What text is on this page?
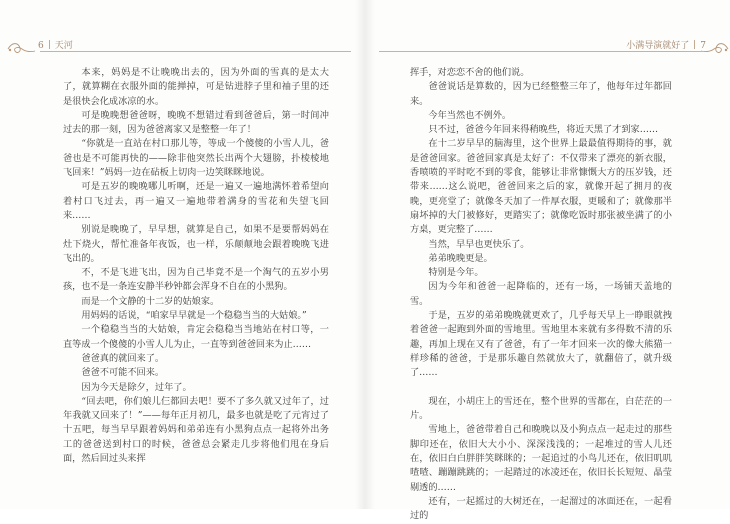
6 天河

本来，妈妈是不让晚晚出去的，因为外面的雪真的是太大了，就算糊在衣服外面的能掸掉，可是钻进脖子里和袖子里的还是很快会化成冰凉的水。

可是晚晚想爸爸呀，晚晚不想错过看到爸爸后，第一时间冲过去的那一刻，因为爸爸离家又是整整一年了！

“你就是一直站在村口那儿等，等成一个傻傻的小雪人儿，爸爸也是不可能再快的——除非他突然长出两个大翅膀，扑棱棱地飞回来！”妈妈一边在砧板上切肉一边笑眯眯地说。

可是五岁的晚晚哪儿听啊，还是一遍又一遍地满怀着希望向着村口飞过去，再一遍又一遍地带着满身的雪花和失望飞回来……

别说是晚晚了，早早想，就算是自己，如果不是要帮妈妈在灶下烧火，帮忙准备年夜饭，也一样，乐颠颠地会跟着晚晚飞进飞出的。

不，不是飞进飞出，因为自己毕竟不是一个淘气的五岁小男孩，也不是一条连安静半秒钟都会浑身不自在的小黑狗。

而是一个文静的十二岁的姑娘家。

用妈妈的话说，“咱家早早就是一个稳稳当当的大姑娘。”

一个稳稳当当的大姑娘，肯定会稳稳当当地站在村口等，一直等成一个傻傻的小雪人儿为止，一直等到爸爸回来为止……

爸爸真的就回来了。

爸爸不可能不回来。

因为今天是除夕，过年了。

“回去吧，你们娘儿仨都回去吧！要不了多久就又过年了，过年我就又回来了！”——每年正月初几，最多也就是吃了元宵过了十五吧，每当早早跟着妈妈和弟弟连有小黑狗点点一起将外出务工的爸爸送到村口的时候，爸爸总会紧走几步将他们甩在身后面，然后回过头来挥

小满导演就好了 7

挥手，对恋恋不舍的他们说。

爸爸说话是算数的，因为已经整整三年了，他每年过年都回来。

今年当然也不例外。

只不过，爸爸今年回来得稍晚些，将近天黑了才到家……

在十二岁早早的脑海里，这个世界上最最值得期待的事，就是爸爸回家。爸爸回家真是太好了：不仅带来了漂亮的新衣服，香喷喷的平时吃不到的零食，能够让非常慷慨大方的压岁钱，还带来……这么说吧，爸爸回来之后的家，就像开起了拥月的夜晚，更亮堂了；就像冬天加了一件厚衣服，更暖和了；就像那半扇坏掉的大门被修好，更踏实了；就像吃饭时那张被坐满了的小方桌，更完整了……

当然，早早也更快乐了。

弟弟晚晚更是。

特别是今年。

因为今年和爸爸一起降临的，还有一场，一场铺天盖地的雪。

于是，五岁的弟弟晚晚就更欢了，几乎每天早上一睁眼就拽着爸爸一起跑到外面的雪地里。雪地里本来就有多得数不清的乐趣，再加上现在又有了爸爸，有了一年才回来一次的像大熊猫一样珍稀的爸爸，于是那乐趣自然就放大了，就翻倍了，就升级了……

现在，小胡庄上的雪还在，整个世界的雪都在，白茫茫的一片。

雪地上，爸爸带着自己和晚晚以及小狗点点一起走过的那些脚印还在，依旧大大小小、深深浅浅的；一起堆过的雪人儿还在，依旧白白胖胖笑眯眯的；一起追过的小鸟儿还在，依旧叽叽喳喳、蹦蹦跳跳的；一起踏过的冰凌还在，依旧长长短短、晶莹剔透的……

还有，一起摇过的大树还在，一起溜过的冰面还在，一起看过的
